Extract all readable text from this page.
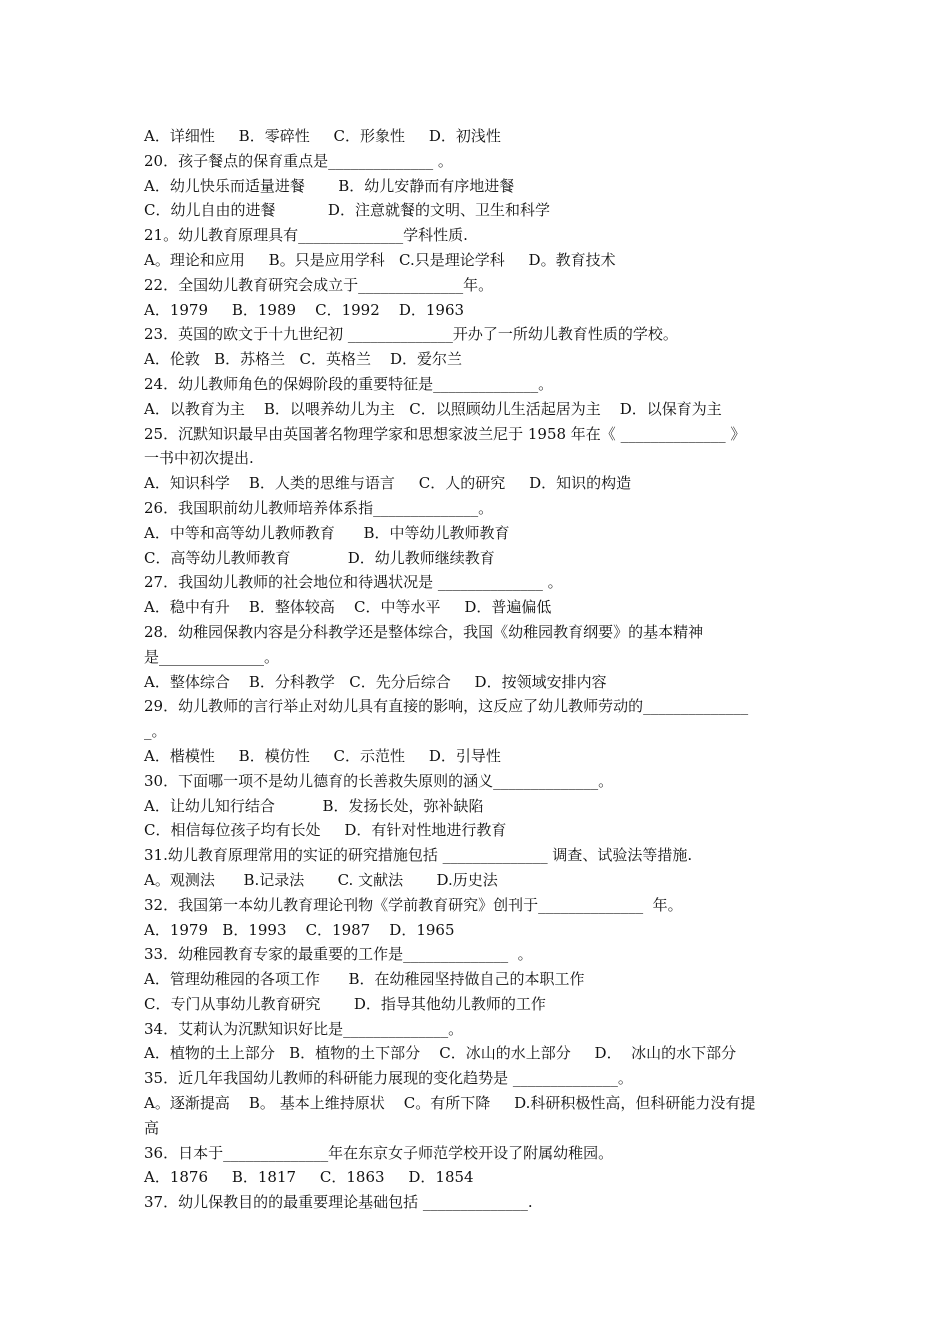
A．详细性     B．零碎性     C．形象性     D．初浅性
20．孩子餐点的保育重点是______________ 。
A．幼儿快乐而适量进餐       B．幼儿安静而有序地进餐
C．幼儿自由的进餐           D．注意就餐的文明、卫生和科学
21。幼儿教育原理具有______________学科性质.
A。理论和应用     B。只是应用学科   C.只是理论学科     D。教育技术
22．全国幼儿教育研究会成立于______________年。
A．1979     B．1989    C．1992    D．1963
23．英国的欧文于十九世纪初 ______________开办了一所幼儿教育性质的学校。
A．伦敦   B．苏格兰   C．英格兰    D．爱尔兰
24．幼儿教师角色的保姆阶段的重要特征是______________。
A．以教育为主    B．以喂养幼儿为主   C．以照顾幼儿生活起居为主    D．以保育为主
25．沉默知识最早由英国著名物理学家和思想家波兰尼于 1958 年在《 ______________ 》
一书中初次提出.
A．知识科学    B．人类的思维与语言     C．人的研究     D．知识的构造
26．我国职前幼儿教师培养体系指______________。
A．中等和高等幼儿教师教育      B．中等幼儿教师教育
C．高等幼儿教师教育            D．幼儿教师继续教育
27．我国幼儿教师的社会地位和待遇状况是 ______________ 。
A．稳中有升    B．整体较高    C．中等水平     D．普遍偏低
28．幼稚园保教内容是分科教学还是整体综合，我国《幼稚园教育纲要》的基本精神
是______________。
A．整体综合    B．分科教学   C．先分后综合     D．按领域安排内容
29．幼儿教师的言行举止对幼儿具有直接的影响，这反应了幼儿教师劳动的______________
_。
A．楷模性     B．模仿性     C．示范性     D．引导性
30．下面哪一项不是幼儿德育的长善救失原则的涵义______________。
A．让幼儿知行结合          B．发扬长处，弥补缺陷
C．相信每位孩子均有长处     D．有针对性地进行教育
31.幼儿教育原理常用的实证的研究措施包括 ______________ 调查、试验法等措施.
A。观测法      B.记录法       C. 文献法       D.历史法
32．我国第一本幼儿教育理论刊物《学前教育研究》创刊于______________  年。
A．1979   B．1993    C．1987    D．1965
33．幼稚园教育专家的最重要的工作是______________  。
A．管理幼稚园的各项工作      B．在幼稚园坚持做自己的本职工作
C．专门从事幼儿教育研究       D．指导其他幼儿教师的工作
34．艾莉认为沉默知识好比是______________。
A．植物的土上部分   B．植物的土下部分    C．冰山的水上部分     D．  冰山的水下部分
35．近几年我国幼儿教师的科研能力展现的变化趋势是 ______________。
A。逐渐提高    B。 基本上维持原状    C。有所下降     D.科研积极性高，但科研能力没有提
高
36．日本于______________年在东京女子师范学校开设了附属幼稚园。
A．1876     B．1817     C．1863     D．1854
37．幼儿保教目的的最重要理论基础包括 ______________.
